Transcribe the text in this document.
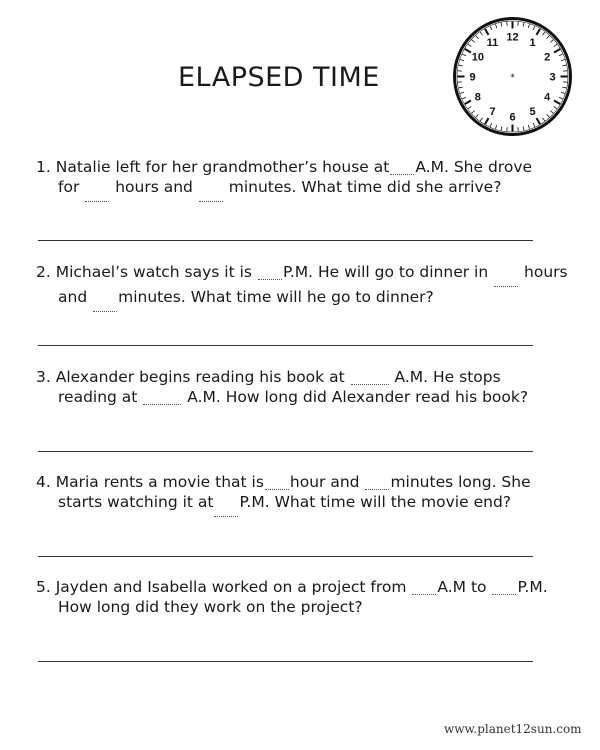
ELAPSED TIME
12 1
2
3
4
5
6
7
8
9
10
11
*
1. Natalie left for her grandmother’s house at A.M. She drove
for hours and minutes. What time did she arrive?
2. Michael’s watch says it is P.M. He will go to dinner in hours
and minutes. What time will he go to dinner?
3. Alexander begins reading his book at	A.M. He stops
reading at	A.M. How long did Alexander read his book?
4. Maria rents a movie that is hour and minutes long. She
starts watching it at P.M. What time will the movie end?
5. Jayden and Isabella worked on a project from A.M to P.M.
How long did they work on the project?
www.planet12sun.com
